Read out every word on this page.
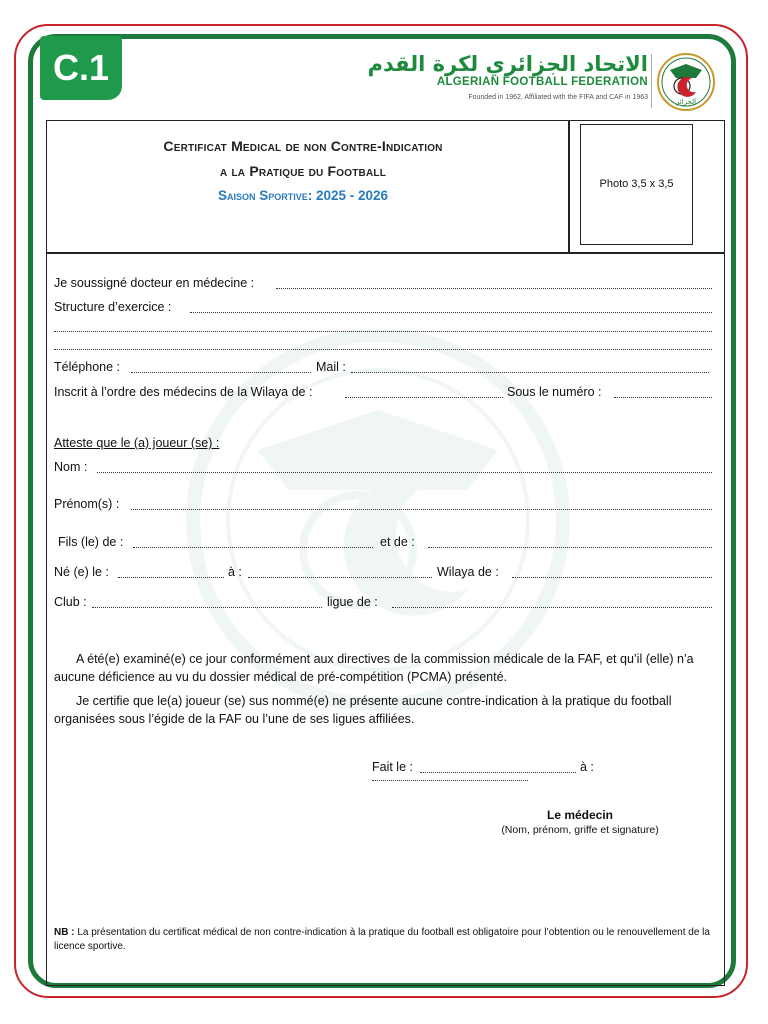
C.1	الاتحاد الجزائري لكرة القدم
ALGERIAN FOOTBALL FEDERATION
Founded in 1962, Affiliated with the FIFA and CAF in 1963
الجزائر
Certificat Medical de non Contre-Indication
a la Pratique du Football
Saison Sportive: 2025 - 2026
Photo 3,5 x 3,5
Je soussigné docteur en médecine :
Structure d’exercice :
Téléphone :	Mail :
Inscrit à l’ordre des médecins de la Wilaya de :	Sous le numéro :
Atteste que le (a) joueur (se) :
Nom :
Prénom(s) :
Fils (le) de :	et de :
Né (e) le :	à :	Wilaya de :
Club :	ligue de :
A été(e) examiné(e) ce jour conformément aux directives de la commission médicale de la FAF, et qu’il (elle) n’a aucune déficience au vu du dossier médical de pré-compétition (PCMA) présenté.
Je certifie que le(a) joueur (se) sus nommé(e) ne présente aucune contre-indication à la pratique du football organisées sous l’égide de la FAF ou l’une de ses ligues affiliées.
Fait le :	à :
Le médecin
(Nom, prénom, griffe et signature)
NB : La présentation du certificat médical de non contre-indication à la pratique du football est obligatoire pour l’obtention ou le renouvellement de la licence sportive.
